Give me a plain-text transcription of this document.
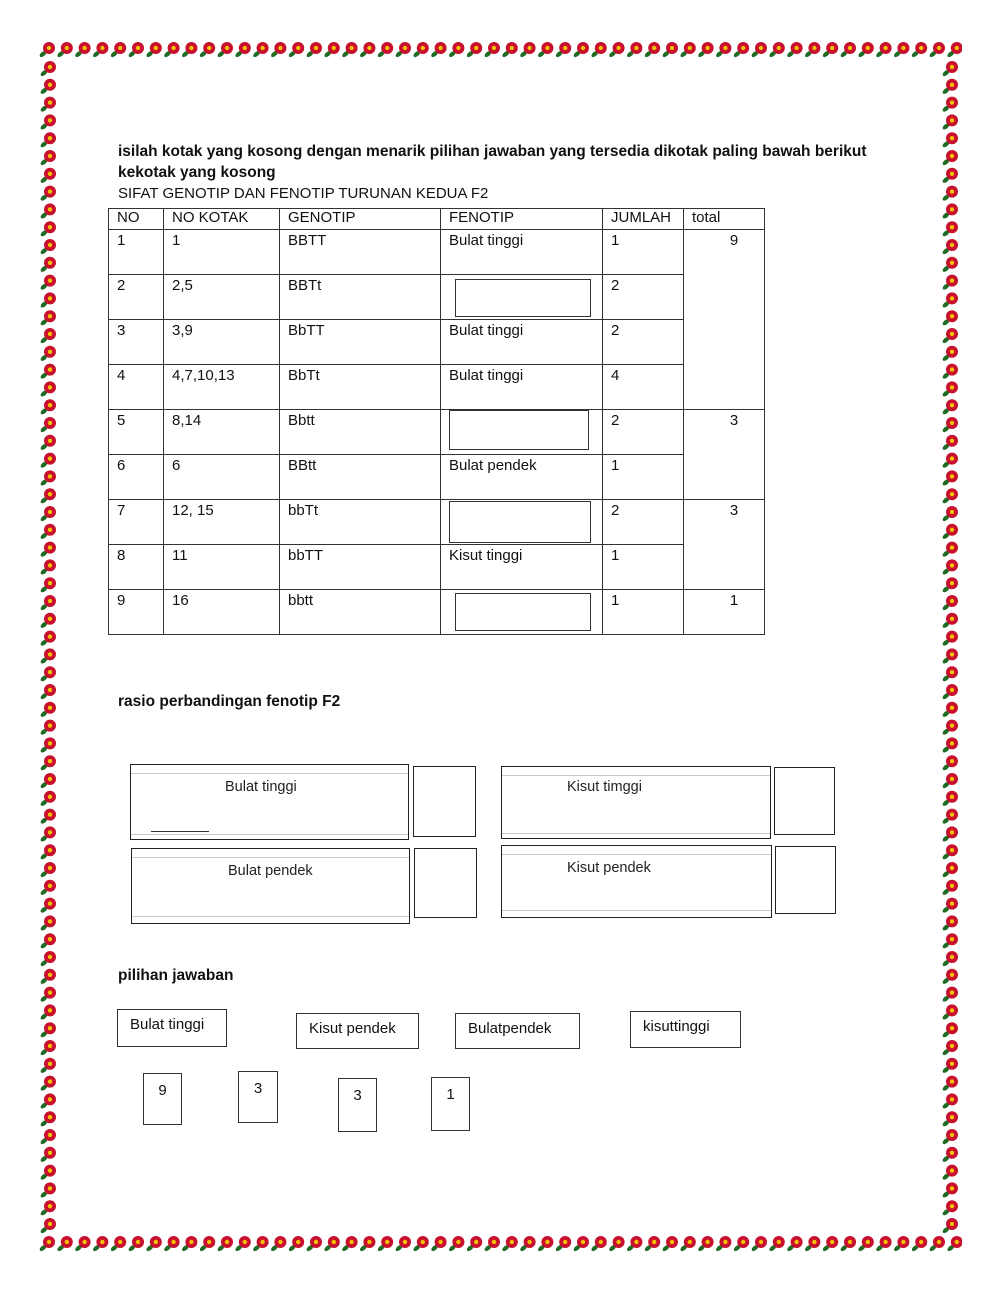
isilah kotak yang kosong dengan menarik pilihan jawaban yang tersedia dikotak paling bawah berikut kekotak yang kosong
SIFAT GENOTIP DAN FENOTIP TURUNAN KEDUA F2
NO	NO KOTAK	GENOTIP	FENOTIP	JUMLAH	total
1	1	BBTT	Bulat tinggi	1	9
2	2,5	BBTt		2	
3	3,9	BbTT	Bulat tinggi	2	
4	4,7,10,13	BbTt	Bulat tinggi	4	
5	8,14	Bbtt		2	3
6	6	BBtt	Bulat pendek	1	
7	12, 15	bbTt		2	3
8	11	bbTT	Kisut tinggi	1	
9	16	bbtt		1	1
rasio perbandingan fenotip F2
Bulat tinggi	Kisut timggi
Bulat pendek	Kisut pendek
pilihan jawaban
Bulat tinggi	Kisut pendek	Bulatpendek	kisuttinggi
9	3	3	1
